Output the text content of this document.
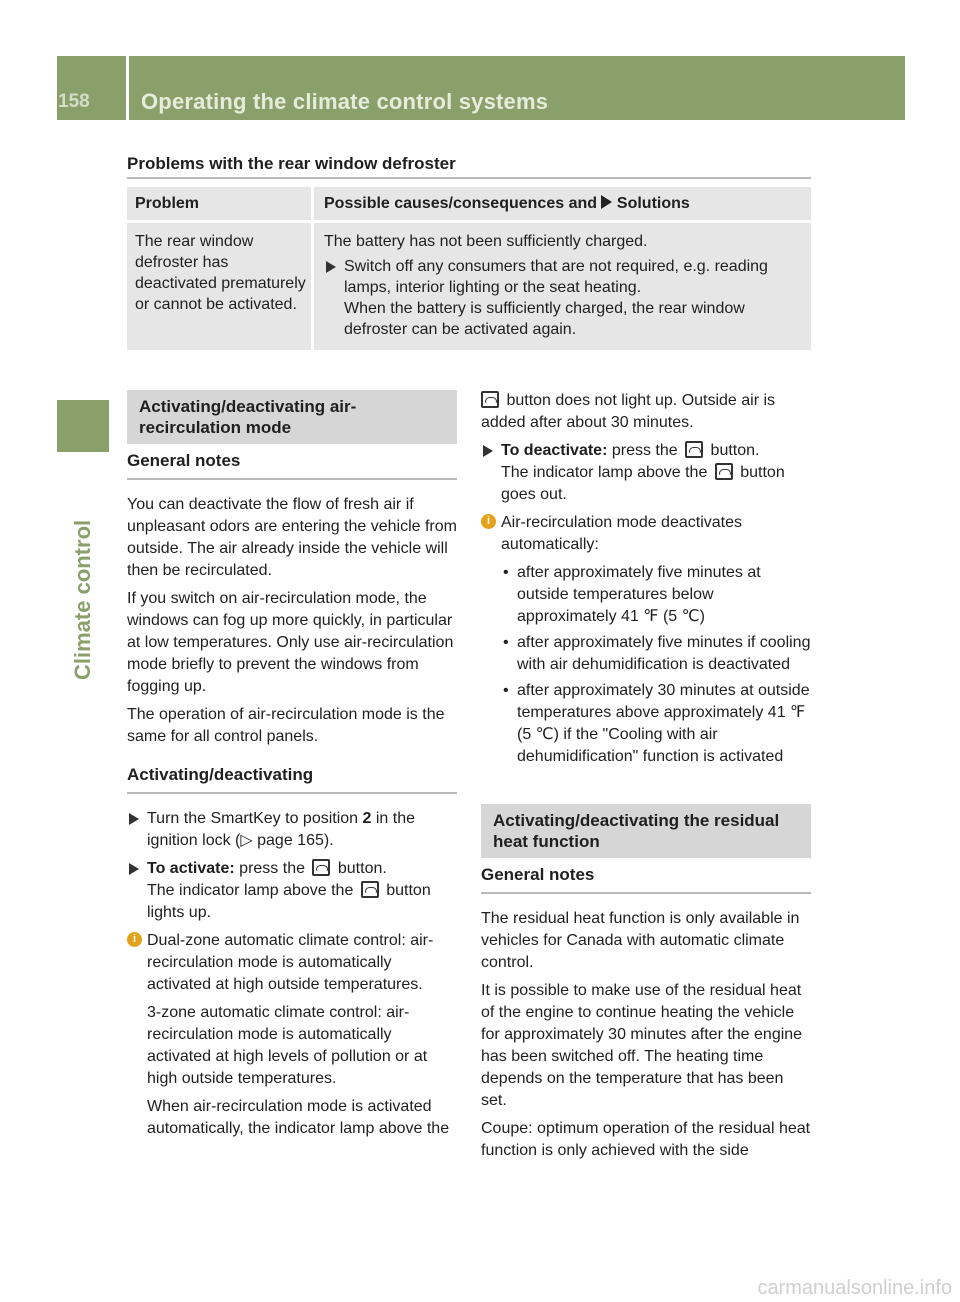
158	Operating the climate control systems
Climate control
Problems with the rear window defroster
Problem	Possible causes/consequences and  Solutions
The rear window defroster has deactivated prematurely or cannot be activated.
The battery has not been sufficiently charged.
Switch off any consumers that are not required, e.g. reading lamps, interior lighting or the seat heating.
When the battery is sufficiently charged, the rear window defroster can be activated again.
Activating/deactivating air-recirculation mode
General notes

You can deactivate the flow of fresh air if unpleasant odors are entering the vehicle from outside. The air already inside the vehicle will then be recirculated.

If you switch on air-recirculation mode, the windows can fog up more quickly, in particular at low temperatures. Only use air-recirculation mode briefly to prevent the windows from fogging up.

The operation of air-recirculation mode is the same for all control panels.

Activating/deactivating
Turn the SmartKey to position 2 in the ignition lock (▷ page 165).
To activate: press the  button.
The indicator lamp above the  button lights up.
i Dual-zone automatic climate control: air-recirculation mode is automatically activated at high outside temperatures.

3-zone automatic climate control: air-recirculation mode is automatically activated at high levels of pollution or at high outside temperatures.

When air-recirculation mode is activated automatically, the indicator lamp above the

button does not light up. Outside air is added after about 30 minutes.

To deactivate: press the  button.
The indicator lamp above the  button goes out.
i Air-recirculation mode deactivates automatically:

• after approximately five minutes at outside temperatures below approximately 41 ℉ (5 ℃)
• after approximately five minutes if cooling with air dehumidification is deactivated
• after approximately 30 minutes at outside temperatures above approximately 41 ℉ (5 ℃) if the "Cooling with air dehumidification" function is activated
Activating/deactivating the residual heat function
General notes

The residual heat function is only available in vehicles for Canada with automatic climate control.

It is possible to make use of the residual heat of the engine to continue heating the vehicle for approximately 30 minutes after the engine has been switched off. The heating time depends on the temperature that has been set.

Coupe: optimum operation of the residual heat function is only achieved with the side

carmanualsonline.info
